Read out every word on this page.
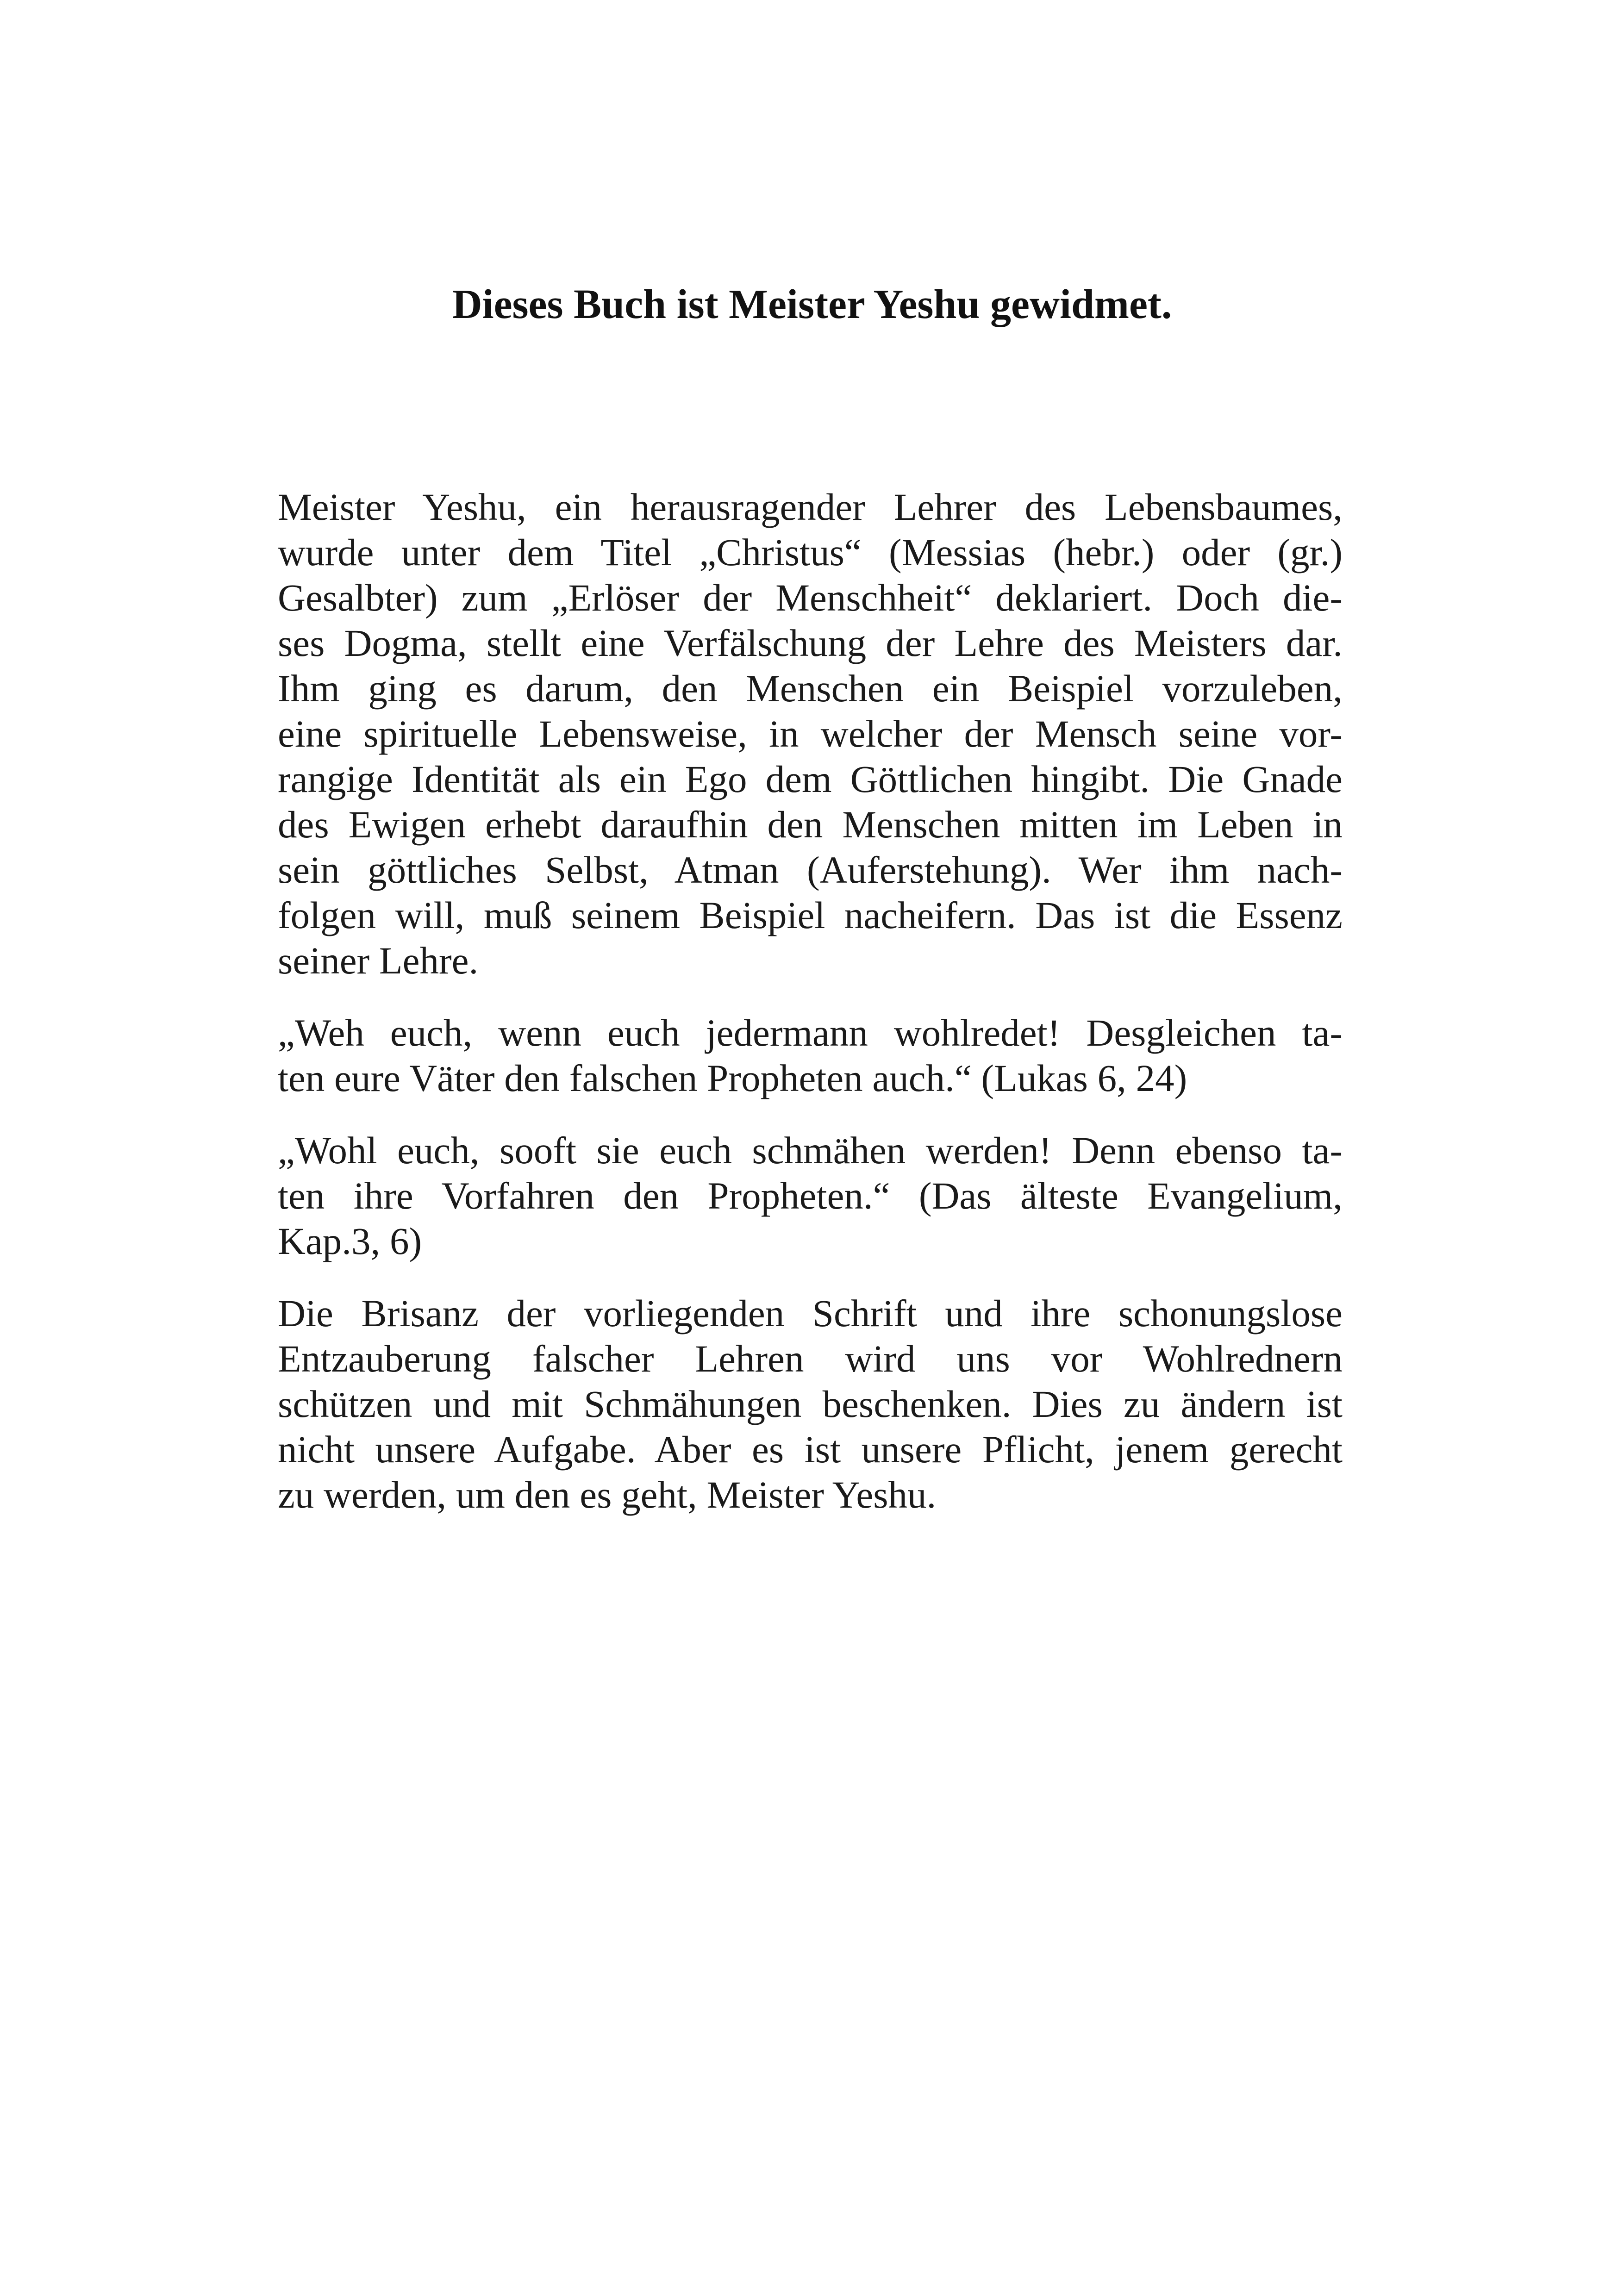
Dieses Buch ist Meister Yeshu gewidmet.
Meister Yeshu, ein herausragender Lehrer des Lebensbaumes,
wurde unter dem Titel „Christus“ (Messias (hebr.) oder (gr.)
Gesalbter) zum „Erlöser der Menschheit“ deklariert. Doch die-
ses Dogma, stellt eine Verfälschung der Lehre des Meisters dar.
Ihm ging es darum, den Menschen ein Beispiel vorzuleben,
eine spirituelle Lebensweise, in welcher der Mensch seine vor-
rangige Identität als ein Ego dem Göttlichen hingibt. Die Gnade
des Ewigen erhebt daraufhin den Menschen mitten im Leben in
sein göttliches Selbst, Atman (Auferstehung). Wer ihm nach-
folgen will, muß seinem Beispiel nacheifern. Das ist die Essenz
seiner Lehre.
„Weh euch, wenn euch jedermann wohlredet! Desgleichen ta-
ten eure Väter den falschen Propheten auch.“ (Lukas 6, 24)
„Wohl euch, sooft sie euch schmähen werden! Denn ebenso ta-
ten ihre Vorfahren den Propheten.“ (Das älteste Evangelium,
Kap.3, 6)
Die Brisanz der vorliegenden Schrift und ihre schonungslose
Entzauberung falscher Lehren wird uns vor Wohlrednern
schützen und mit Schmähungen beschenken. Dies zu ändern ist
nicht unsere Aufgabe. Aber es ist unsere Pflicht, jenem gerecht
zu werden, um den es geht, Meister Yeshu.
